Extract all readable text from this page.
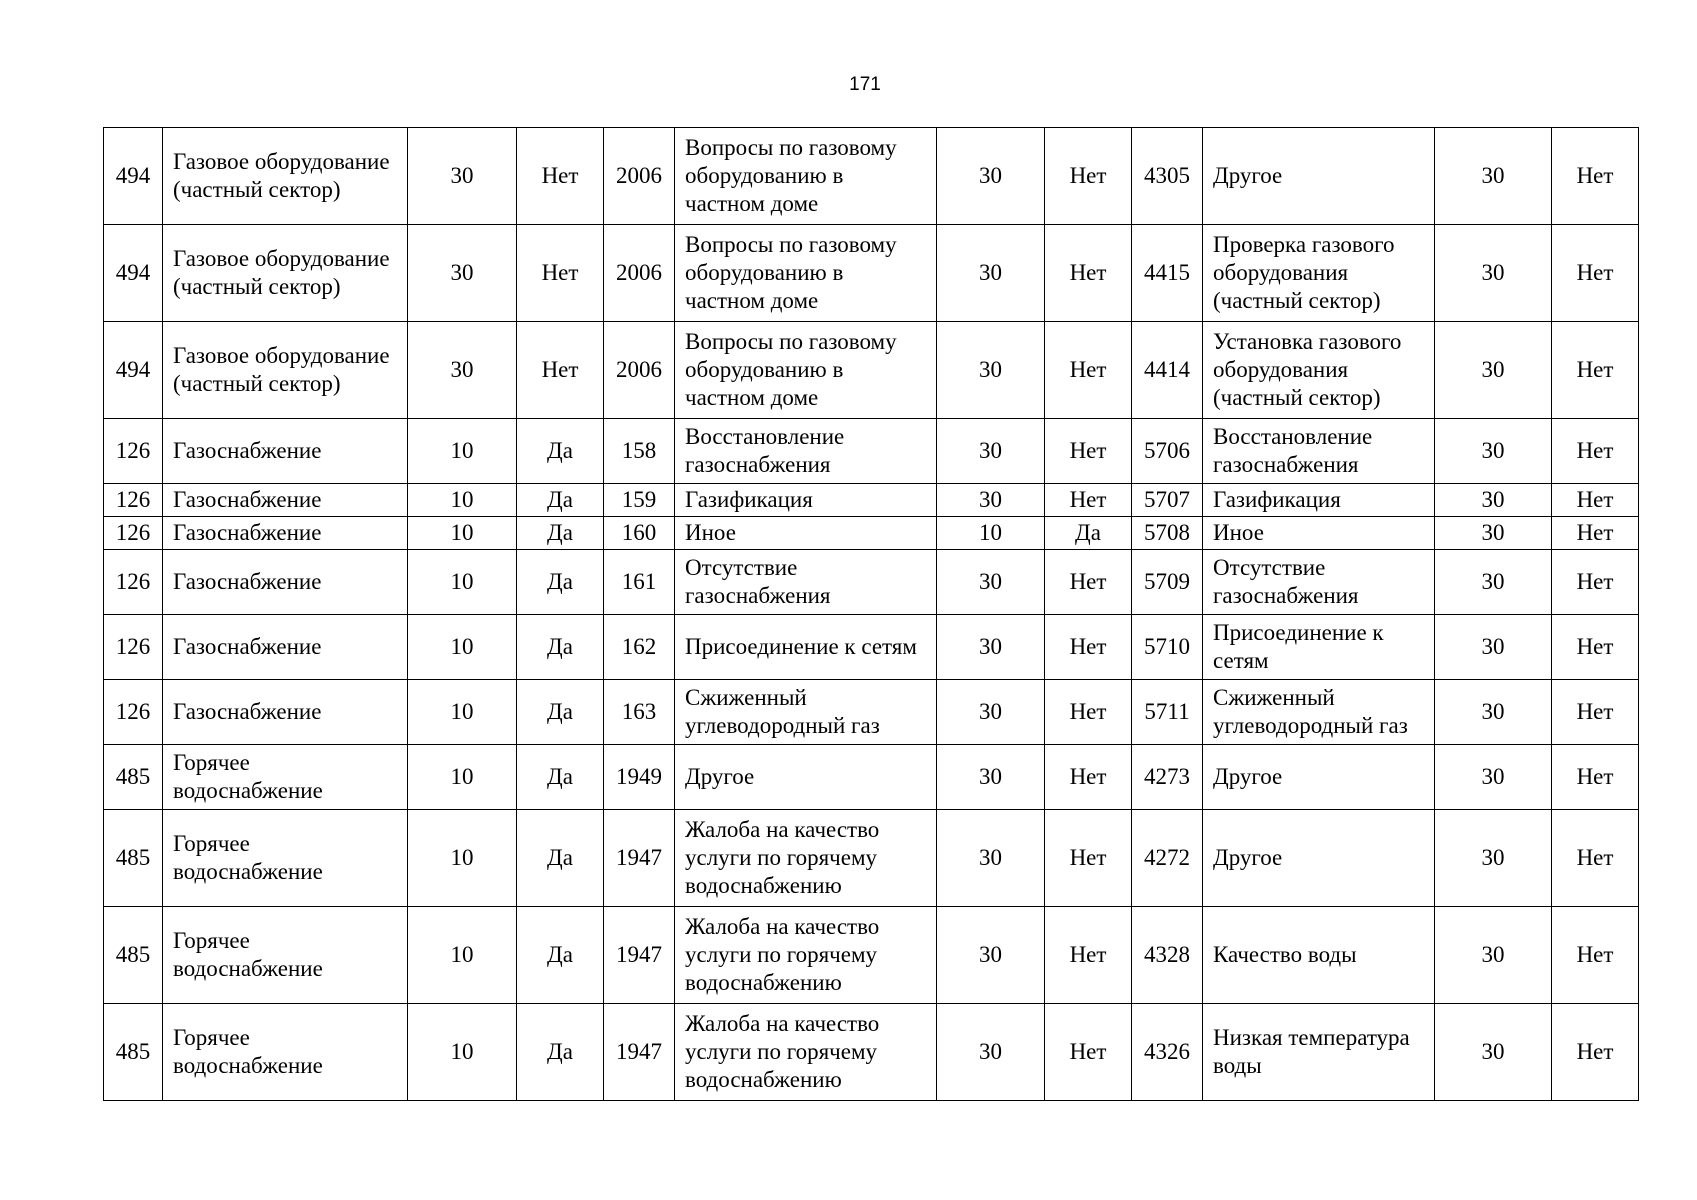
171
494	Газовое оборудование (частный сектор)	30	Нет	2006	Вопросы по газовому оборудованию в частном доме	30	Нет	4305	Другое	30	Нет
494	Газовое оборудование (частный сектор)	30	Нет	2006	Вопросы по газовому оборудованию в частном доме	30	Нет	4415	Проверка газового оборудования (частный сектор)	30	Нет
494	Газовое оборудование (частный сектор)	30	Нет	2006	Вопросы по газовому оборудованию в частном доме	30	Нет	4414	Установка газового оборудования (частный сектор)	30	Нет
126	Газоснабжение	10	Да	158	Восстановление газоснабжения	30	Нет	5706	Восстановление газоснабжения	30	Нет
126	Газоснабжение	10	Да	159	Газификация	30	Нет	5707	Газификация	30	Нет
126	Газоснабжение	10	Да	160	Иное	10	Да	5708	Иное	30	Нет
126	Газоснабжение	10	Да	161	Отсутствие газоснабжения	30	Нет	5709	Отсутствие газоснабжения	30	Нет
126	Газоснабжение	10	Да	162	Присоединение к сетям	30	Нет	5710	Присоединение к сетям	30	Нет
126	Газоснабжение	10	Да	163	Сжиженный углеводородный газ	30	Нет	5711	Сжиженный углеводородный газ	30	Нет
485	Горячее водоснабжение	10	Да	1949	Другое	30	Нет	4273	Другое	30	Нет
485	Горячее водоснабжение	10	Да	1947	Жалоба на качество услуги по горячему водоснабжению	30	Нет	4272	Другое	30	Нет
485	Горячее водоснабжение	10	Да	1947	Жалоба на качество услуги по горячему водоснабжению	30	Нет	4328	Качество воды	30	Нет
485	Горячее водоснабжение	10	Да	1947	Жалоба на качество услуги по горячему водоснабжению	30	Нет	4326	Низкая температура воды	30	Нет
